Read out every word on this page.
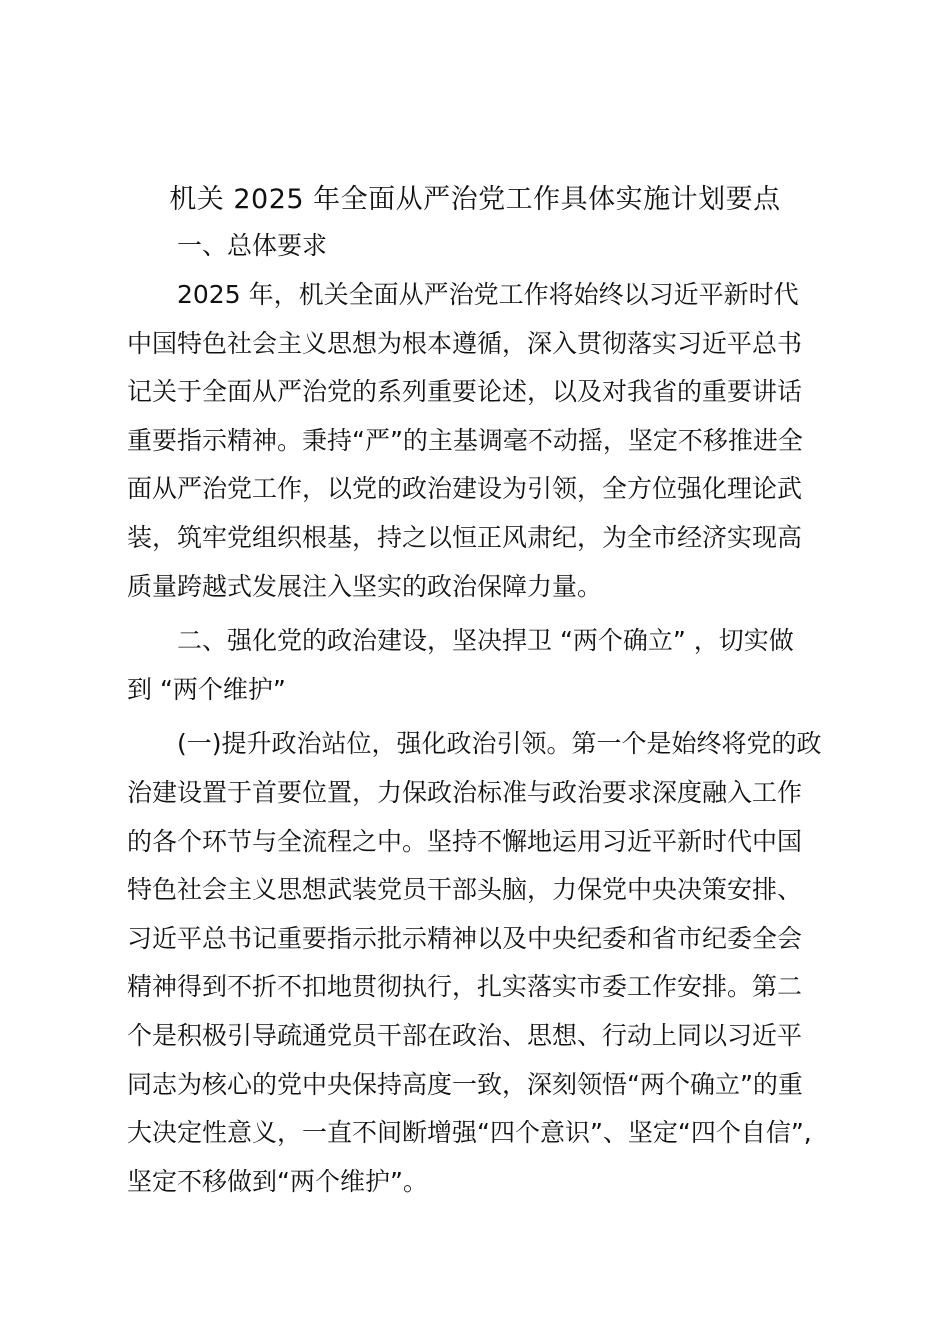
机关 2025 年全面从严治党工作具体实施计划要点

一、总体要求

2025 年，机关全面从严治党工作将始终以习近平新时代
中国特色社会主义思想为根本遵循，深入贯彻落实习近平总书
记关于全面从严治党的系列重要论述，以及对我省的重要讲话
重要指示精神。秉持“严”的主基调毫不动摇，坚定不移推进全
面从严治党工作，以党的政治建设为引领，全方位强化理论武
装，筑牢党组织根基，持之以恒正风肃纪，为全市经济实现高
质量跨越式发展注入坚实的政治保障力量。

二、强化党的政治建设，坚决捍卫 “两个确立” ，切实做
到 “两个维护”

(一)提升政治站位，强化政治引领。第一个是始终将党的政
治建设置于首要位置，力保政治标准与政治要求深度融入工作
的各个环节与全流程之中。坚持不懈地运用习近平新时代中国
特色社会主义思想武装党员干部头脑，力保党中央决策安排、
习近平总书记重要指示批示精神以及中央纪委和省市纪委全会
精神得到不折不扣地贯彻执行，扎实落实市委工作安排。第二
个是积极引导疏通党员干部在政治、思想、行动上同以习近平
同志为核心的党中央保持高度一致，深刻领悟“两个确立”的重
大决定性意义，一直不间断增强“四个意识”、坚定“四个自信”,
坚定不移做到“两个维护”。
